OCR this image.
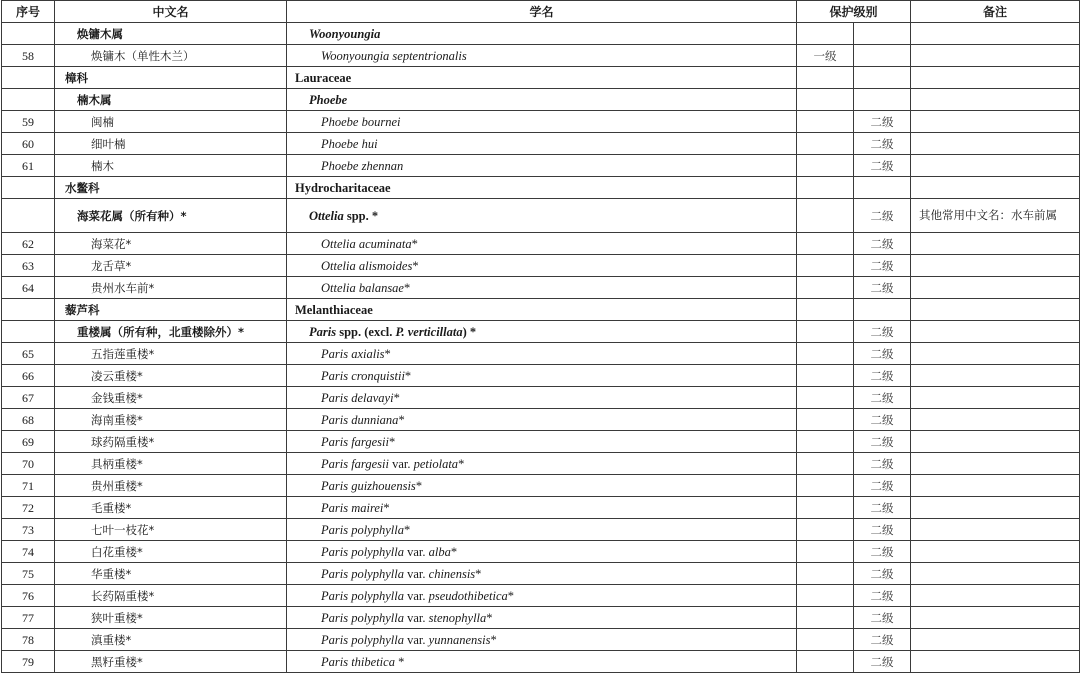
序号	中文名	学名	保护级别		备注
	焕镛木属	Woonyoungia			
58	焕镛木（单性木兰）	Woonyoungia septentrionalis	一级		
	樟科	Lauraceae			
	楠木属	Phoebe			
59	闽楠	Phoebe bournei		二级	
60	细叶楠	Phoebe hui		二级	
61	楠木	Phoebe zhennan		二级	
	水鳖科	Hydrocharitaceae			
	海菜花属（所有种）*	Ottelia spp. *		二级	其他常用中文名：水车前属
62	海菜花*	Ottelia acuminata*		二级	
63	龙舌草*	Ottelia alismoides*		二级	
64	贵州水车前*	Ottelia balansae*		二级	
	藜芦科	Melanthiaceae			
	重楼属（所有种，北重楼除外）*	Paris spp. (excl. P. verticillata) *		二级	
65	五指莲重楼*	Paris axialis*		二级	
66	凌云重楼*	Paris cronquistii*		二级	
67	金钱重楼*	Paris delavayi*		二级	
68	海南重楼*	Paris dunniana*		二级	
69	球药隔重楼*	Paris fargesii*		二级	
70	具柄重楼*	Paris fargesii var. petiolata*		二级	
71	贵州重楼*	Paris guizhouensis*		二级	
72	毛重楼*	Paris mairei*		二级	
73	七叶一枝花*	Paris polyphylla*		二级	
74	白花重楼*	Paris polyphylla var. alba*		二级	
75	华重楼*	Paris polyphylla var. chinensis*		二级	
76	长药隔重楼*	Paris polyphylla var. pseudothibetica*		二级	
77	狭叶重楼*	Paris polyphylla var. stenophylla*		二级	
78	滇重楼*	Paris polyphylla var. yunnanensis*		二级	
79	黑籽重楼*	Paris thibetica *		二级	
